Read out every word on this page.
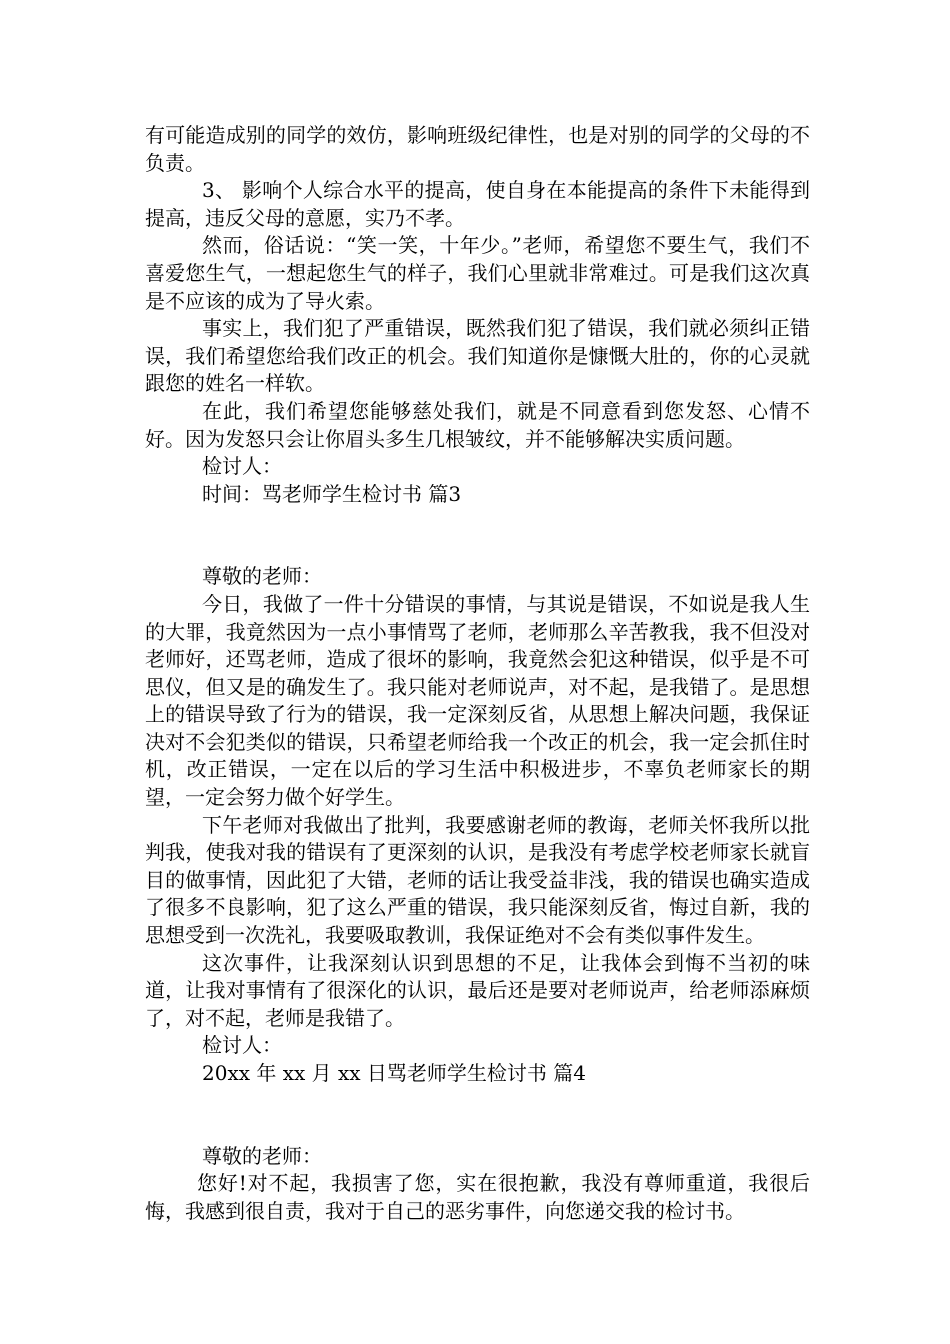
有可能造成别的同学的效仿，影响班级纪律性，也是对别的同学的父母的不负责。

3、 影响个人综合水平的提高，使自身在本能提高的条件下未能得到提高，违反父母的意愿，实乃不孝。

然而，俗话说：“笑一笑，十年少。”老师，希望您不要生气，我们不喜爱您生气，一想起您生气的样子，我们心里就非常难过。可是我们这次真是不应该的成为了导火索。

事实上，我们犯了严重错误，既然我们犯了错误，我们就必须纠正错误，我们希望您给我们改正的机会。我们知道你是慷慨大肚的，你的心灵就跟您的姓名一样软。

在此，我们希望您能够慈处我们，就是不同意看到您发怒、心情不好。因为发怒只会让你眉头多生几根皱纹，并不能够解决实质问题。

检讨人：

时间：骂老师学生检讨书 篇3

尊敬的老师：

今日，我做了一件十分错误的事情，与其说是错误，不如说是我人生的大罪，我竟然因为一点小事情骂了老师，老师那么辛苦教我，我不但没对老师好，还骂老师，造成了很坏的影响，我竟然会犯这种错误，似乎是不可思仪，但又是的确发生了。我只能对老师说声，对不起，是我错了。是思想上的错误导致了行为的错误，我一定深刻反省，从思想上解决问题，我保证决对不会犯类似的错误，只希望老师给我一个改正的机会，我一定会抓住时机，改正错误，一定在以后的学习生活中积极进步，不辜负老师家长的期望，一定会努力做个好学生。

下午老师对我做出了批判，我要感谢老师的教诲，老师关怀我所以批判我，使我对我的错误有了更深刻的认识，是我没有考虑学校老师家长就盲目的做事情，因此犯了大错，老师的话让我受益非浅，我的错误也确实造成了很多不良影响，犯了这么严重的错误，我只能深刻反省，悔过自新，我的思想受到一次洗礼，我要吸取教训，我保证绝对不会有类似事件发生。

这次事件，让我深刻认识到思想的不足，让我体会到悔不当初的味道，让我对事情有了很深化的认识，最后还是要对老师说声，给老师添麻烦了，对不起，老师是我错了。

检讨人：

20xx 年 xx 月 xx 日骂老师学生检讨书 篇4

尊敬的老师：

您好!对不起，我损害了您，实在很抱歉，我没有尊师重道，我很后悔，我感到很自责，我对于自己的恶劣事件，向您递交我的检讨书。
